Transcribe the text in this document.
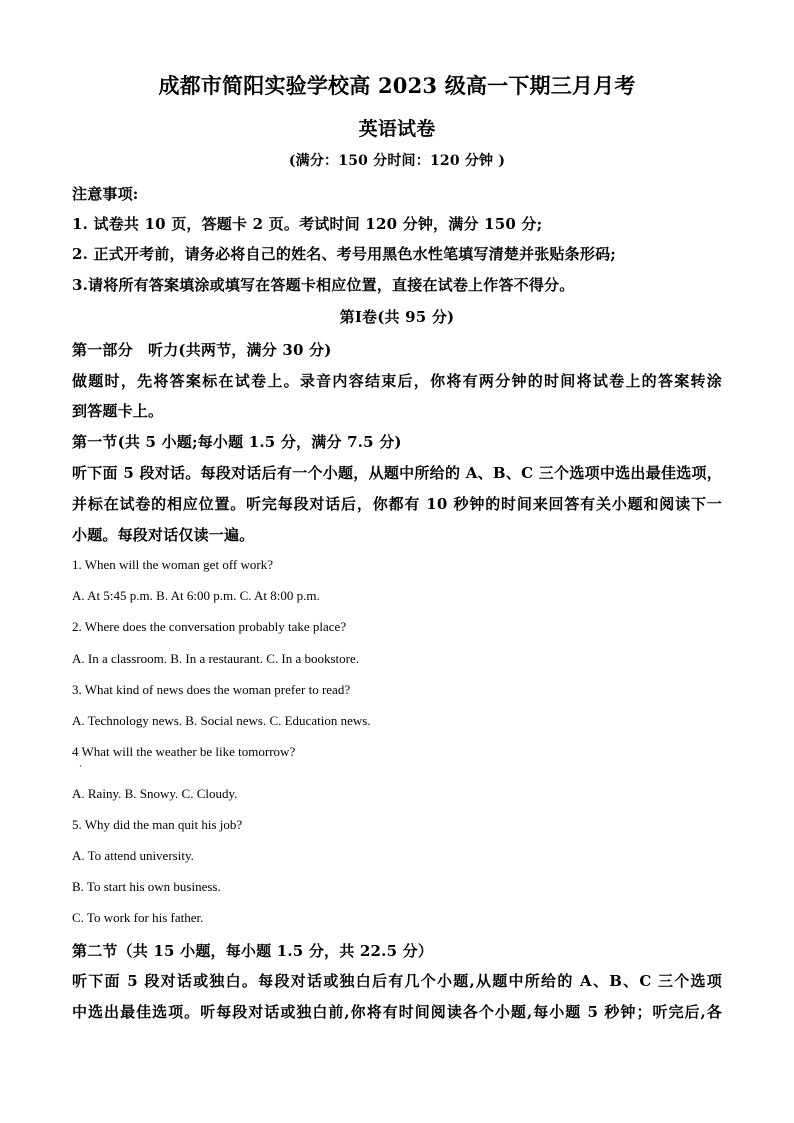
成都市简阳实验学校高 2023 级高一下期三月月考
英语试卷
(满分：150 分时间：120 分钟 )
注意事项:
1. 试卷共 10 页，答题卡 2 页。考试时间 120 分钟，满分 150 分;
2. 正式开考前，请务必将自己的姓名、考号用黑色水性笔填写清楚并张贴条形码;
3.请将所有答案填涂或填写在答题卡相应位置，直接在试卷上作答不得分。
第Ⅰ卷(共 95 分)
第一部分　听力(共两节，满分 30 分)
做题时，先将答案标在试卷上。录音内容结束后，你将有两分钟的时间将试卷上的答案转涂
到答题卡上。
第一节(共 5 小题;每小题 1.5 分，满分 7.5 分)
听下面 5 段对话。每段对话后有一个小题，从题中所给的 A、B、C 三个选项中选出最佳选项，
并标在试卷的相应位置。听完每段对话后，你都有 10 秒钟的时间来回答有关小题和阅读下一
小题。每段对话仅读一遍。
1. When will the woman get off work?
A. At 5:45 p.m. B. At 6:00 p.m. C. At 8:00 p.m.
2. Where does the conversation probably take place?
A. In a classroom. B. In a restaurant. C. In a bookstore.
3. What kind of news does the woman prefer to read?
A. Technology news. B. Social news. C. Education news.
4 What will the weather be like tomorrow?
·
A. Rainy. B. Snowy. C. Cloudy.
5. Why did the man quit his job?
A. To attend university.
B. To start his own business.
C. To work for his father.
第二节（共 15 小题，每小题 1.5 分，共 22.5 分）
听下面 5 段对话或独白。每段对话或独白后有几个小题,从题中所给的 A、B、C 三个选项
中选出最佳选项。听每段对话或独白前,你将有时间阅读各个小题,每小题 5 秒钟；听完后,各
